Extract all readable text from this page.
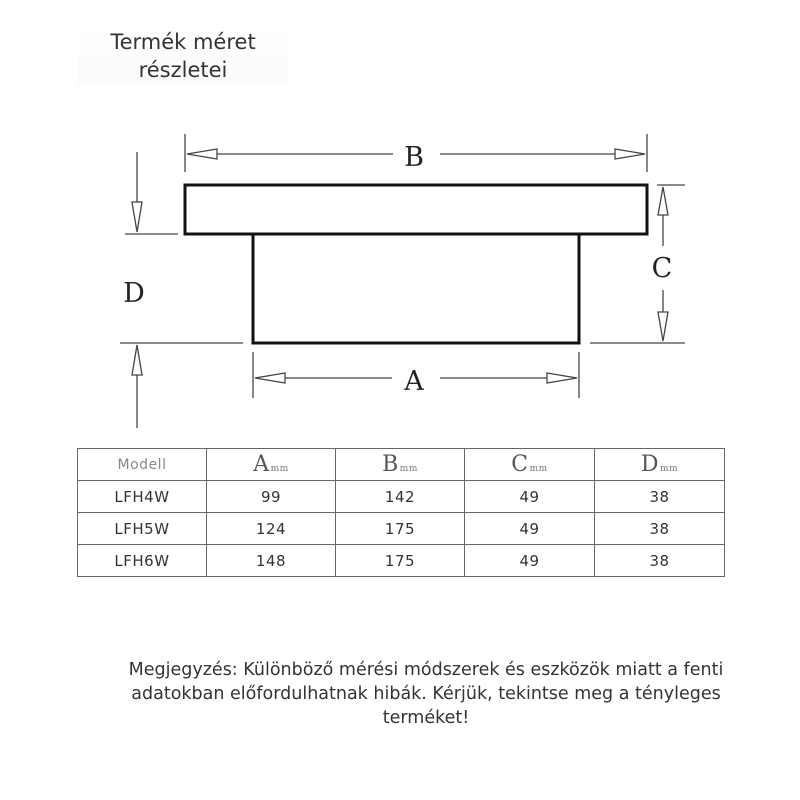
Termék méret
részletei
B
A
C
D
Modell	Amm	Bmm	Cmm	Dmm
LFH4W	99	142	49	38
LFH5W	124	175	49	38
LFH6W	148	175	49	38
Megjegyzés: Különböző mérési módszerek és eszközök miatt a fenti
adatokban előfordulhatnak hibák. Kérjük, tekintse meg a tényleges
terméket!
